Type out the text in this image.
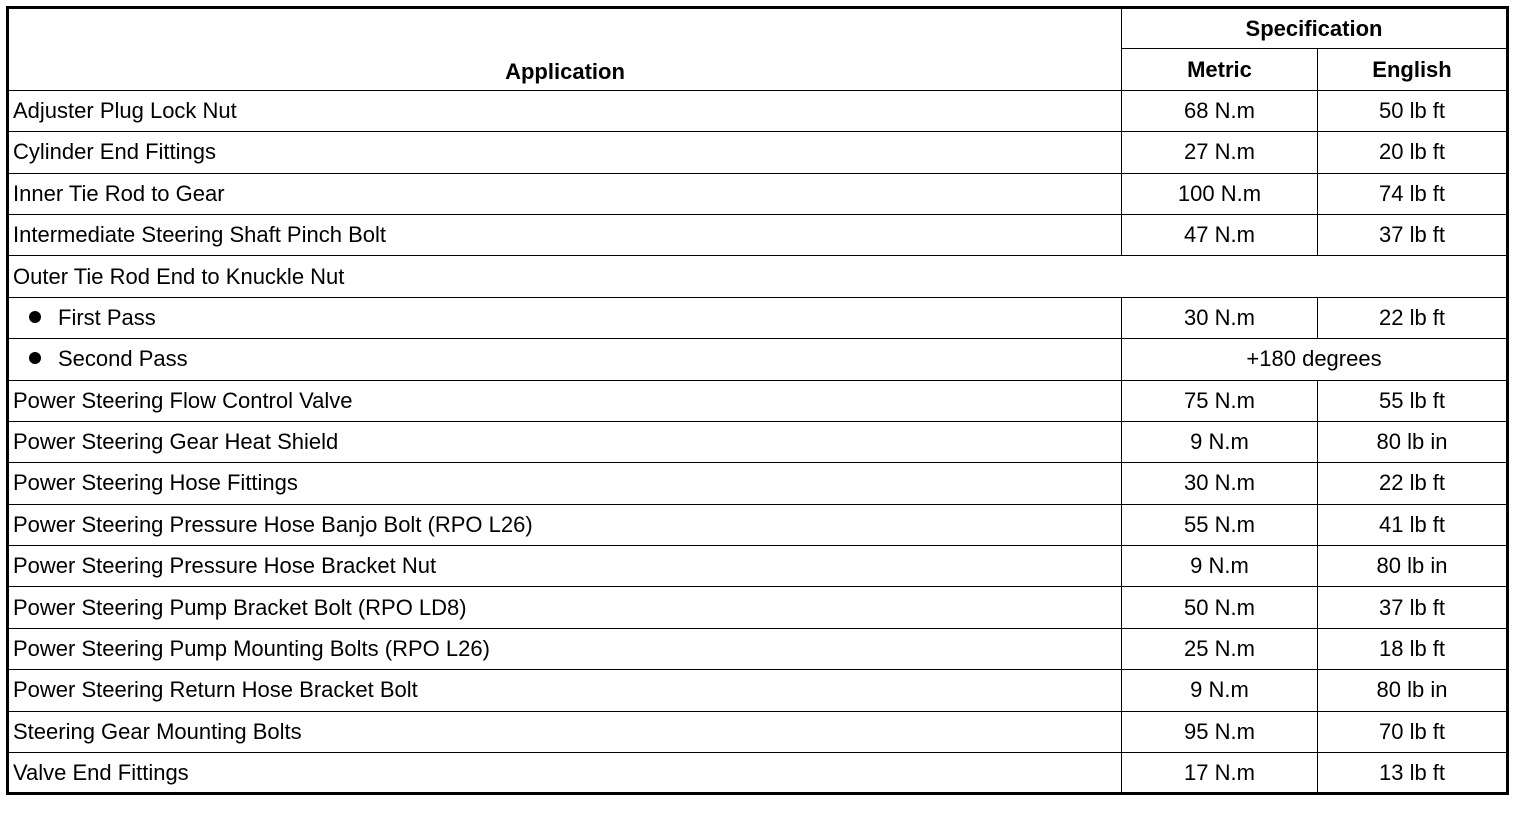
Application	Specification	
	Metric	English
Adjuster Plug Lock Nut	68 N.m	50 lb ft
Cylinder End Fittings	27 N.m	20 lb ft
Inner Tie Rod to Gear	100 N.m	74 lb ft
Intermediate Steering Shaft Pinch Bolt	47 N.m	37 lb ft
Outer Tie Rod End to Knuckle Nut		
First Pass	30 N.m	22 lb ft
Second Pass	+180 degrees	
Power Steering Flow Control Valve	75 N.m	55 lb ft
Power Steering Gear Heat Shield	9 N.m	80 lb in
Power Steering Hose Fittings	30 N.m	22 lb ft
Power Steering Pressure Hose Banjo Bolt (RPO L26)	55 N.m	41 lb ft
Power Steering Pressure Hose Bracket Nut	9 N.m	80 lb in
Power Steering Pump Bracket Bolt (RPO LD8)	50 N.m	37 lb ft
Power Steering Pump Mounting Bolts (RPO L26)	25 N.m	18 lb ft
Power Steering Return Hose Bracket Bolt	9 N.m	80 lb in
Steering Gear Mounting Bolts	95 N.m	70 lb ft
Valve End Fittings	17 N.m	13 lb ft
